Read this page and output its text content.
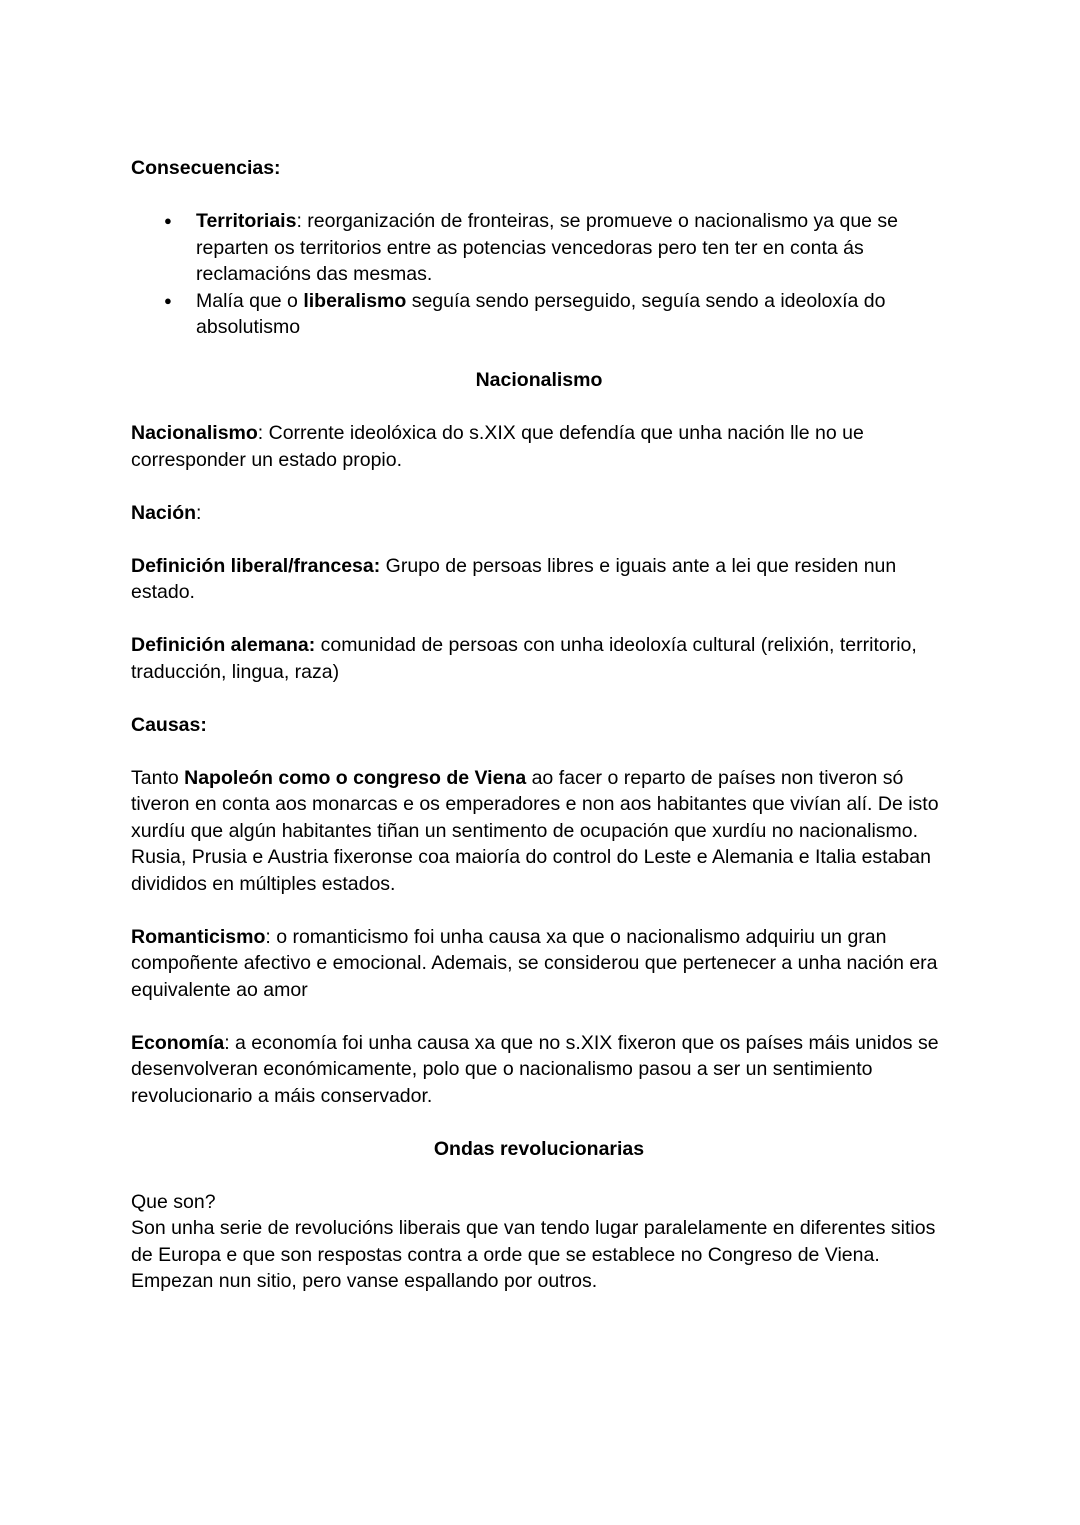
Consecuencias:

● Territoriais: reorganización de fronteiras, se promueve o nacionalismo ya que se reparten os territorios entre as potencias vencedoras pero ten ter en conta ás reclamacións das mesmas.
● Malía que o liberalismo seguía sendo perseguido, seguía sendo a ideoloxía do absolutismo

Nacionalismo

Nacionalismo: Corrente ideolóxica do s.XIX que defendía que unha nación lle no ue corresponder un estado propio.

Nación:

Definición liberal/francesa: Grupo de persoas libres e iguais ante a lei que residen nun estado.

Definición alemana: comunidad de persoas con unha ideoloxía cultural (relixión, territorio, traducción, lingua, raza)

Causas:

Tanto Napoleón como o congreso de Viena ao facer o reparto de países non tiveron só tiveron en conta aos monarcas e os emperadores e non aos habitantes que vivían alí. De isto xurdíu que algún habitantes tiñan un sentimento de ocupación que xurdíu no nacionalismo. Rusia, Prusia e Austria fixeronse coa maioría do control do Leste e Alemania e Italia estaban divididos en múltiples estados.

Romanticismo: o romanticismo foi unha causa xa que o nacionalismo adquiriu un gran compoñente afectivo e emocional. Ademais, se considerou que pertenecer a unha nación era equivalente ao amor

Economía: a economía foi unha causa xa que no s.XIX fixeron que os países máis unidos se desenvolveran económicamente, polo que o nacionalismo pasou a ser un sentimiento revolucionario a máis conservador.

Ondas revolucionarias

Que son?

Son unha serie de revolucións liberais que van tendo lugar paralelamente en diferentes sitios de Europa e que son respostas contra a orde que se establece no Congreso de Viena. Empezan nun sitio, pero vanse espallando por outros.
